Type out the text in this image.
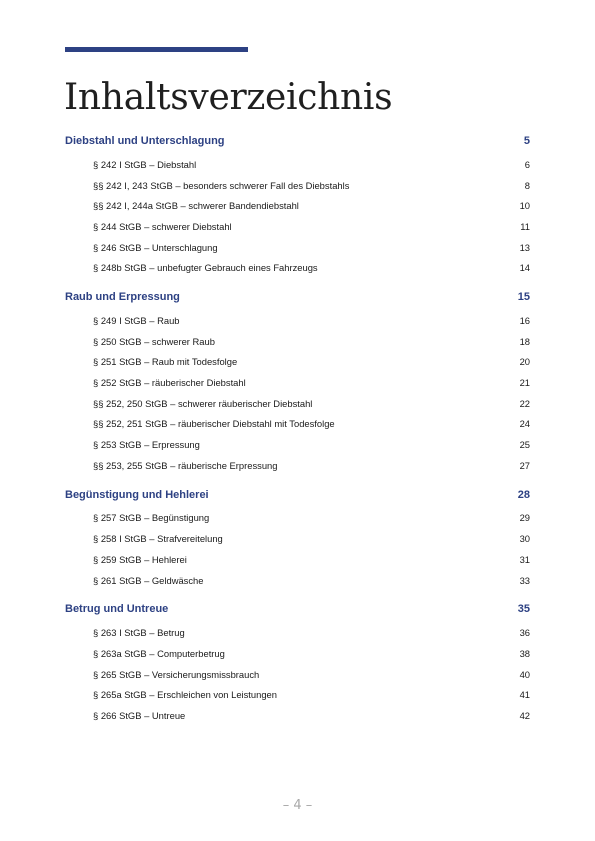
Inhaltsverzeichnis
Diebstahl und Unterschlagung	5
§ 242 I StGB – Diebstahl	6
§§ 242 I, 243 StGB – besonders schwerer Fall des Diebstahls	8
§§ 242 I, 244a StGB – schwerer Bandendiebstahl	10
§ 244 StGB – schwerer Diebstahl	11
§ 246 StGB – Unterschlagung	13
§ 248b StGB – unbefugter Gebrauch eines Fahrzeugs	14
Raub und Erpressung	15
§ 249 I StGB – Raub	16
§ 250 StGB – schwerer Raub	18
§ 251 StGB – Raub mit Todesfolge	20
§ 252 StGB – räuberischer Diebstahl	21
§§ 252, 250 StGB – schwerer räuberischer Diebstahl	22
§§ 252, 251 StGB – räuberischer Diebstahl mit Todesfolge	24
§ 253 StGB – Erpressung	25
§§ 253, 255 StGB – räuberische Erpressung	27
Begünstigung und Hehlerei	28
§ 257 StGB – Begünstigung	29
§ 258 I StGB – Strafvereitelung	30
§ 259 StGB – Hehlerei	31
§ 261 StGB – Geldwäsche	33
Betrug und Untreue	35
§ 263 I StGB – Betrug	36
§ 263a StGB – Computerbetrug	38
§ 265 StGB – Versicherungsmissbrauch	40
§ 265a StGB – Erschleichen von Leistungen	41
§ 266 StGB – Untreue	42
– 4 –
